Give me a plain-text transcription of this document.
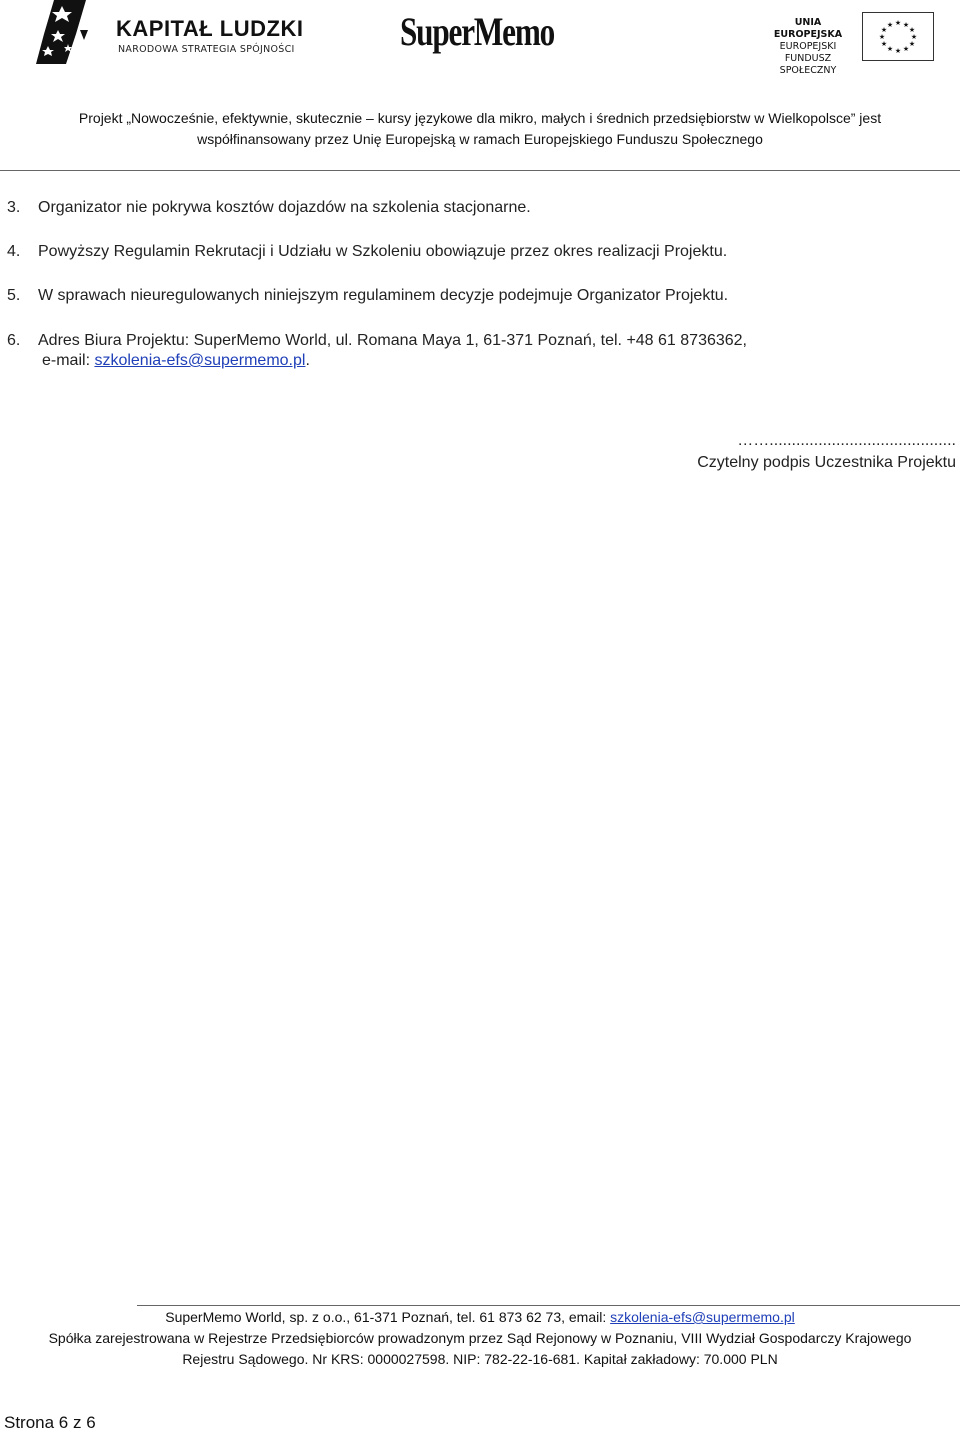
KAPITAŁ LUDZKI
NARODOWA STRATEGIA SPÓJNOŚCI	SuperMemo	UNIA EUROPEJSKA
EUROPEJSKI
FUNDUSZ SPOŁECZNY
★ ★
★
★
★
★
★
★
★
★
★
★
Projekt „Nowocześnie, efektywnie, skutecznie – kursy językowe dla mikro, małych i średnich przedsiębiorstw w Wielkopolsce” jest
współfinansowany przez Unię Europejską w ramach Europejskiego Funduszu Społecznego
3. Organizator nie pokrywa kosztów dojazdów na szkolenia stacjonarne.
4. Powyższy Regulamin Rekrutacji i Udziału w Szkoleniu obowiązuje przez okres realizacji Projektu.
5. W sprawach nieuregulowanych niniejszym regulaminem decyzje podejmuje Organizator Projektu.
6. Adres Biura Projektu: SuperMemo World, ul. Romana Maya 1, 61-371 Poznań, tel. +48 61 8736362,
e-mail: szkolenia-efs@supermemo.pl.
……..........................................
Czytelny podpis Uczestnika Projektu
SuperMemo World, sp. z o.o., 61-371 Poznań, tel. 61 873 62 73, email: szkolenia-efs@supermemo.pl
Spółka zarejestrowana w Rejestrze Przedsiębiorców prowadzonym przez Sąd Rejonowy w Poznaniu, VIII Wydział Gospodarczy Krajowego
Rejestru Sądowego. Nr KRS: 0000027598. NIP: 782-22-16-681. Kapitał zakładowy: 70.000 PLN
Strona 6 z 6
